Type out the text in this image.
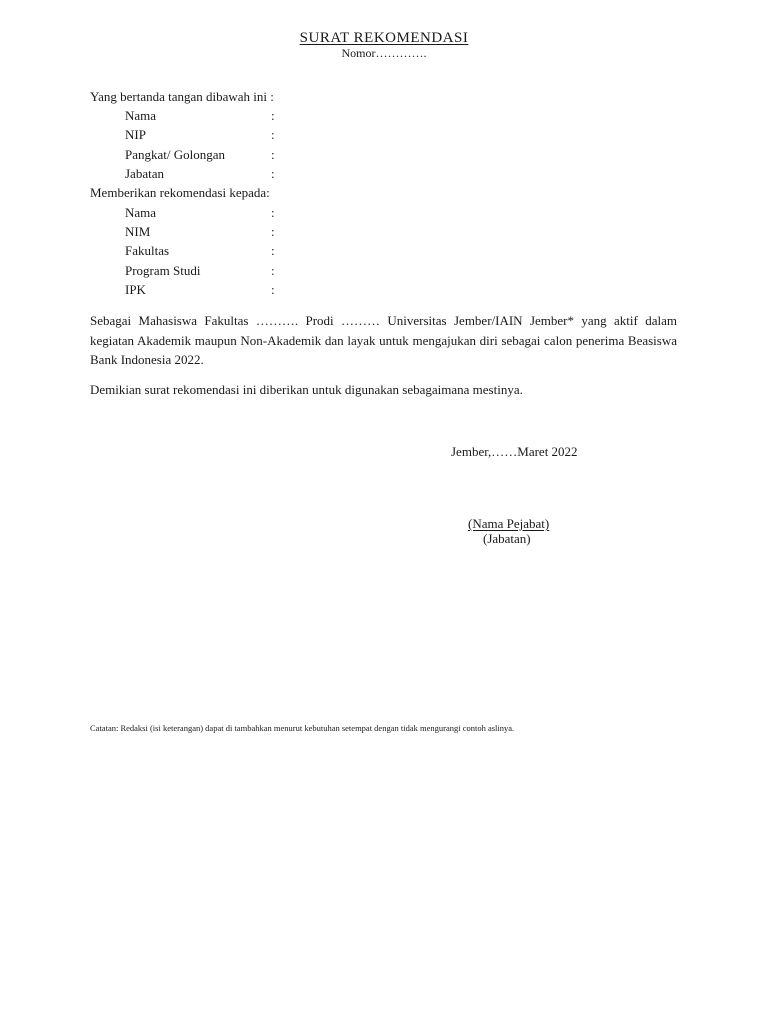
SURAT REKOMENDASI
Nomor………….
Yang bertanda tangan dibawah ini :
Nama	:
NIP	:
Pangkat/ Golongan	:
Jabatan	:
Memberikan rekomendasi kepada:
Nama	:
NIM	:
Fakultas	:
Program Studi	:
IPK	:
Sebagai Mahasiswa Fakultas ………. Prodi ……… Universitas Jember/IAIN Jember* yang aktif dalam kegiatan Akademik maupun Non-Akademik dan layak untuk mengajukan diri sebagai calon penerima Beasiswa Bank Indonesia 2022.
Demikian surat rekomendasi ini diberikan untuk digunakan sebagaimana mestinya.
Jember,……Maret 2022
(Nama Pejabat)
(Jabatan)
Catatan: Redaksi (isi keterangan) dapat di tambahkan menurut kebutuhan setempat dengan tidak mengurangi contoh aslinya.
